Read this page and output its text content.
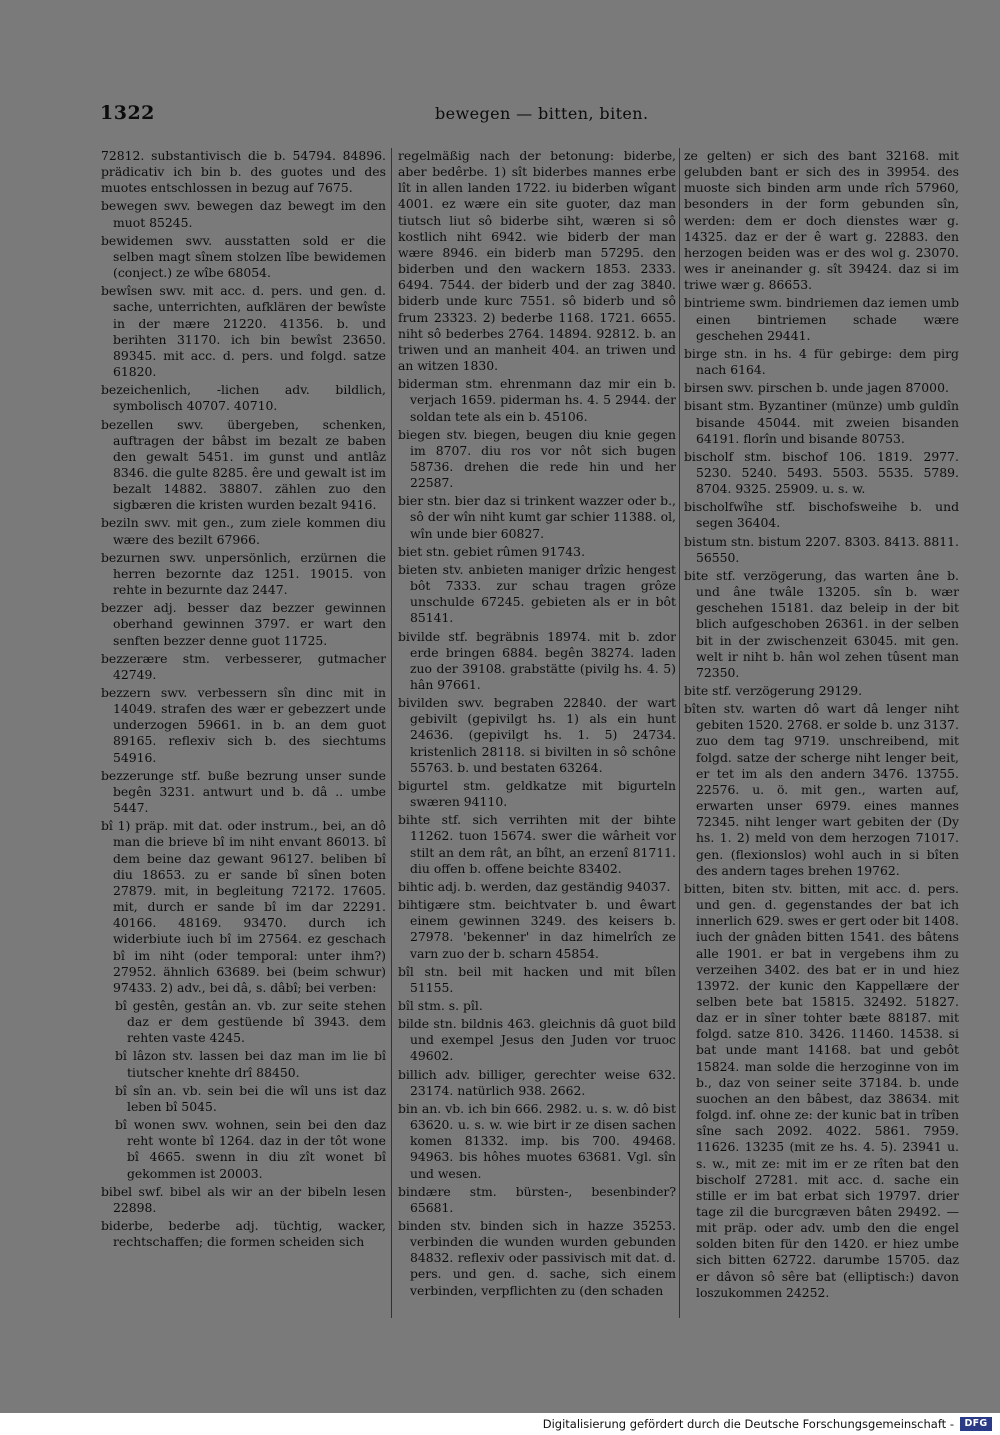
1322	bewegen — bitten, biten.

72812. substantivisch die b. 54794. 84896. prädicativ ich bin b. des guotes und des muotes entschlossen in bezug auf 7675.

bewegen swv. bewegen daz bewegt im den muot 85245.

bewidemen swv. ausstatten sold er die selben magt sînem stolzen lîbe bewidemen (conject.) ze wîbe 68054.

bewîsen swv. mit acc. d. pers. und gen. d. sache, unterrichten, aufklären der bewîste in der mære 21220. 41356. b. und berihten 31170. ich bin bewîst 23650. 89345. mit acc. d. pers. und folgd. satze 61820.

bezeichenlich, -lichen adv. bildlich, symbolisch 40707. 40710.

bezellen swv. übergeben, schenken, auftragen der bâbst im bezalt ze baben den gewalt 5451. im gunst und antlâz 8346. die gulte 8285. êre und gewalt ist im bezalt 14882. 38807. zählen zuo den sigbæren die kristen wurden bezalt 9416.

beziln swv. mit gen., zum ziele kommen diu wære des bezilt 67966.

bezurnen swv. unpersönlich, erzürnen die herren bezornte daz 1251. 19015. von rehte in bezurnte daz 2447.

bezzer adj. besser daz bezzer gewinnen oberhand gewinnen 3797. er wart den senften bezzer denne guot 11725.

bezzerære stm. verbesserer, gutmacher 42749.

bezzern swv. verbessern sîn dinc mit in 14049. strafen des wær er gebezzert unde underzogen 59661. in b. an dem guot 89165. reflexiv sich b. des siechtums 54916.

bezzerunge stf. buße bezrung unser sunde begên 3231. antwurt und b. dâ .. umbe 5447.

bî 1) präp. mit dat. oder instrum., bei, an dô man die brieve bî im niht envant 86013. bî dem beine daz gewant 96127. beliben bî diu 18653. zu er sande bî sînen boten 27879. mit, in begleitung 72172. 17605. mit, durch er sande bî im dar 22291. 40166. 48169. 93470. durch ich widerbiute iuch bî im 27564. ez geschach bî im niht (oder temporal: unter ihm?) 27952. ähnlich 63689. bei (beim schwur) 97433. 2) adv., bei dâ, s. dâbî; bei verben:

bî gestên, gestân an. vb. zur seite stehen daz er dem gestüende bî 3943. dem rehten vaste 4245.

bî lâzon stv. lassen bei daz man im lie bî tiutscher knehte drî 88450.

bî sîn an. vb. sein bei die wîl uns ist daz leben bî 5045.

bî wonen swv. wohnen, sein bei den daz reht wonte bî 1264. daz in der tôt wone bî 4665. swenn in diu zît wonet bî gekommen ist 20003.

bibel swf. bibel als wir an der bibeln lesen 22898.

biderbe, bederbe adj. tüchtig, wacker, rechtschaffen; die formen scheiden sich

regelmäßig nach der betonung: biderbe, aber bedêrbe. 1) sît biderbes mannes erbe lît in allen landen 1722. iu biderben wîgant 4001. ez wære ein site guoter, daz man tiutsch liut sô biderbe siht, wæren si sô kostlich niht 6942. wie biderb der man wære 8946. ein biderb man 57295. den biderben und den wackern 1853. 2333. 6494. 7544. der biderb und der zag 3840. biderb unde kurc 7551. sô biderb und sô frum 23323. 2) bederbe 1168. 1721. 6655. niht sô bederbes 2764. 14894. 92812. b. an triwen und an manheit 404. an triwen und an witzen 1830.

biderman stm. ehrenmann daz mir ein b. verjach 1659. piderman hs. 4. 5 2944. der soldan tete als ein b. 45106.

biegen stv. biegen, beugen diu knie gegen im 8707. diu ros vor nôt sich bugen 58736. drehen die rede hin und her 22587.

bier stn. bier daz si trinkent wazzer oder b., sô der wîn niht kumt gar schier 11388. ol, wîn unde bier 60827.

biet stn. gebiet rûmen 91743.

bieten stv. anbieten maniger drîzic hengest bôt 7333. zur schau tragen grôze unschulde 67245. gebieten als er in bôt 85141.

bivilde stf. begräbnis 18974. mit b. zdor erde bringen 6884. begên 38274. laden zuo der 39108. grabstätte (pivilg hs. 4. 5) hân 97661.

bivilden swv. begraben 22840. der wart gebivilt (gepivilgt hs. 1) als ein hunt 24636. (gepivilgt hs. 1. 5) 24734. kristenlich 28118. si bivilten in sô schône 55763. b. und bestaten 63264.

bigurtel stm. geldkatze mit bigurteln swæren 94110.

bihte stf. sich verrihten mit der bihte 11262. tuon 15674. swer die wârheit vor stilt an dem rât, an bîht, an erzenî 81711. diu offen b. offene beichte 83402.

bihtic adj. b. werden, daz geständig 94037.

bihtigære stm. beichtvater b. und êwart einem gewinnen 3249. des keisers b. 27978. 'bekenner' in daz himelrîch ze varn zuo der b. scharn 45854.

bîl stn. beil mit hacken und mit bîlen 51155.

bîl stm. s. pîl.

bilde stn. bildnis 463. gleichnis dâ guot bild und exempel Jesus den Juden vor truoc 49602.

billich adv. billiger, gerechter weise 632. 23174. natürlich 938. 2662.

bin an. vb. ich bin 666. 2982. u. s. w. dô bist 63620. u. s. w. wie birt ir ze disen sachen komen 81332. imp. bis 700. 49468. 94963. bis hôhes muotes 63681. Vgl. sîn und wesen.

bindære stm. bürsten-, besenbinder? 65681.

binden stv. binden sich in hazze 35253. verbinden die wunden wurden gebunden 84832. reflexiv oder passivisch mit dat. d. pers. und gen. d. sache, sich einem verbinden, verpflichten zu (den schaden

ze gelten) er sich des bant 32168. mit gelubden bant er sich des in 39954. des muoste sich binden arm unde rîch 57960, besonders in der form gebunden sîn, werden: dem er doch dienstes wær g. 14325. daz er der ê wart g. 22883. den herzogen beiden was er des wol g. 23070. wes ir aneinander g. sît 39424. daz si im triwe wær g. 86653.

bintrieme swm. bindriemen daz iemen umb einen bintriemen schade wære geschehen 29441.

birge stn. in hs. 4 für gebirge: dem pirg nach 6164.

birsen swv. pirschen b. unde jagen 87000.

bisant stm. Byzantiner (münze) umb guldîn bisande 45044. mit zweien bisanden 64191. florîn und bisande 80753.

bischolf stm. bischof 106. 1819. 2977. 5230. 5240. 5493. 5503. 5535. 5789. 8704. 9325. 25909. u. s. w.

bischolfwîhe stf. bischofsweihe b. und segen 36404.

bistum stn. bistum 2207. 8303. 8413. 8811. 56550.

bite stf. verzögerung, das warten âne b. und âne twâle 13205. sîn b. wær geschehen 15181. daz beleip in der bit blich aufgeschoben 26361. in der selben bit in der zwischenzeit 63045. mit gen. welt ir niht b. hân wol zehen tûsent man 72350.

bite stf. verzögerung 29129.

bîten stv. warten dô wart dâ lenger niht gebiten 1520. 2768. er solde b. unz 3137. zuo dem tag 9719. unschreibend, mit folgd. satze der scherge niht lenger beit, er tet im als den andern 3476. 13755. 22576. u. ö. mit gen., warten auf, erwarten unser 6979. eines mannes 72345. niht lenger wart gebiten der (Dy hs. 1. 2) meld von dem herzogen 71017. gen. (flexionslos) wohl auch in si bîten des andern tages brehen 19762.

bitten, biten stv. bitten, mit acc. d. pers. und gen. d. gegenstandes der bat ich innerlich 629. swes er gert oder bit 1408. iuch der gnâden bitten 1541. des bâtens alle 1901. er bat in vergebens ihm zu verzeihen 3402. des bat er in und hiez 13972. der kunic den Kappellære der selben bete bat 15815. 32492. 51827. daz er in sîner tohter bæte 88187. mit folgd. satze 810. 3426. 11460. 14538. si bat unde mant 14168. bat und gebôt 15824. man solde die herzoginne von im b., daz von seiner seite 37184. b. unde suochen an den bâbest, daz 38634. mit folgd. inf. ohne ze: der kunic bat in trîben sîne sach 2092. 4022. 5861. 7959. 11626. 13235 (mit ze hs. 4. 5). 23941 u. s. w., mit ze: mit im er ze rîten bat den bischolf 27281. mit acc. d. sache ein stille er im bat erbat sich 19797. drier tage zil die burcgræven bâten 29492. — mit präp. oder adv. umb den die engel solden biten für den 1420. er hiez umbe sich bitten 62722. darumbe 15705. daz er dâvon sô sêre bat (elliptisch:) davon loszukommen 24252.

Digitalisierung gefördert durch die Deutsche Forschungsgemeinschaft -	DFG
